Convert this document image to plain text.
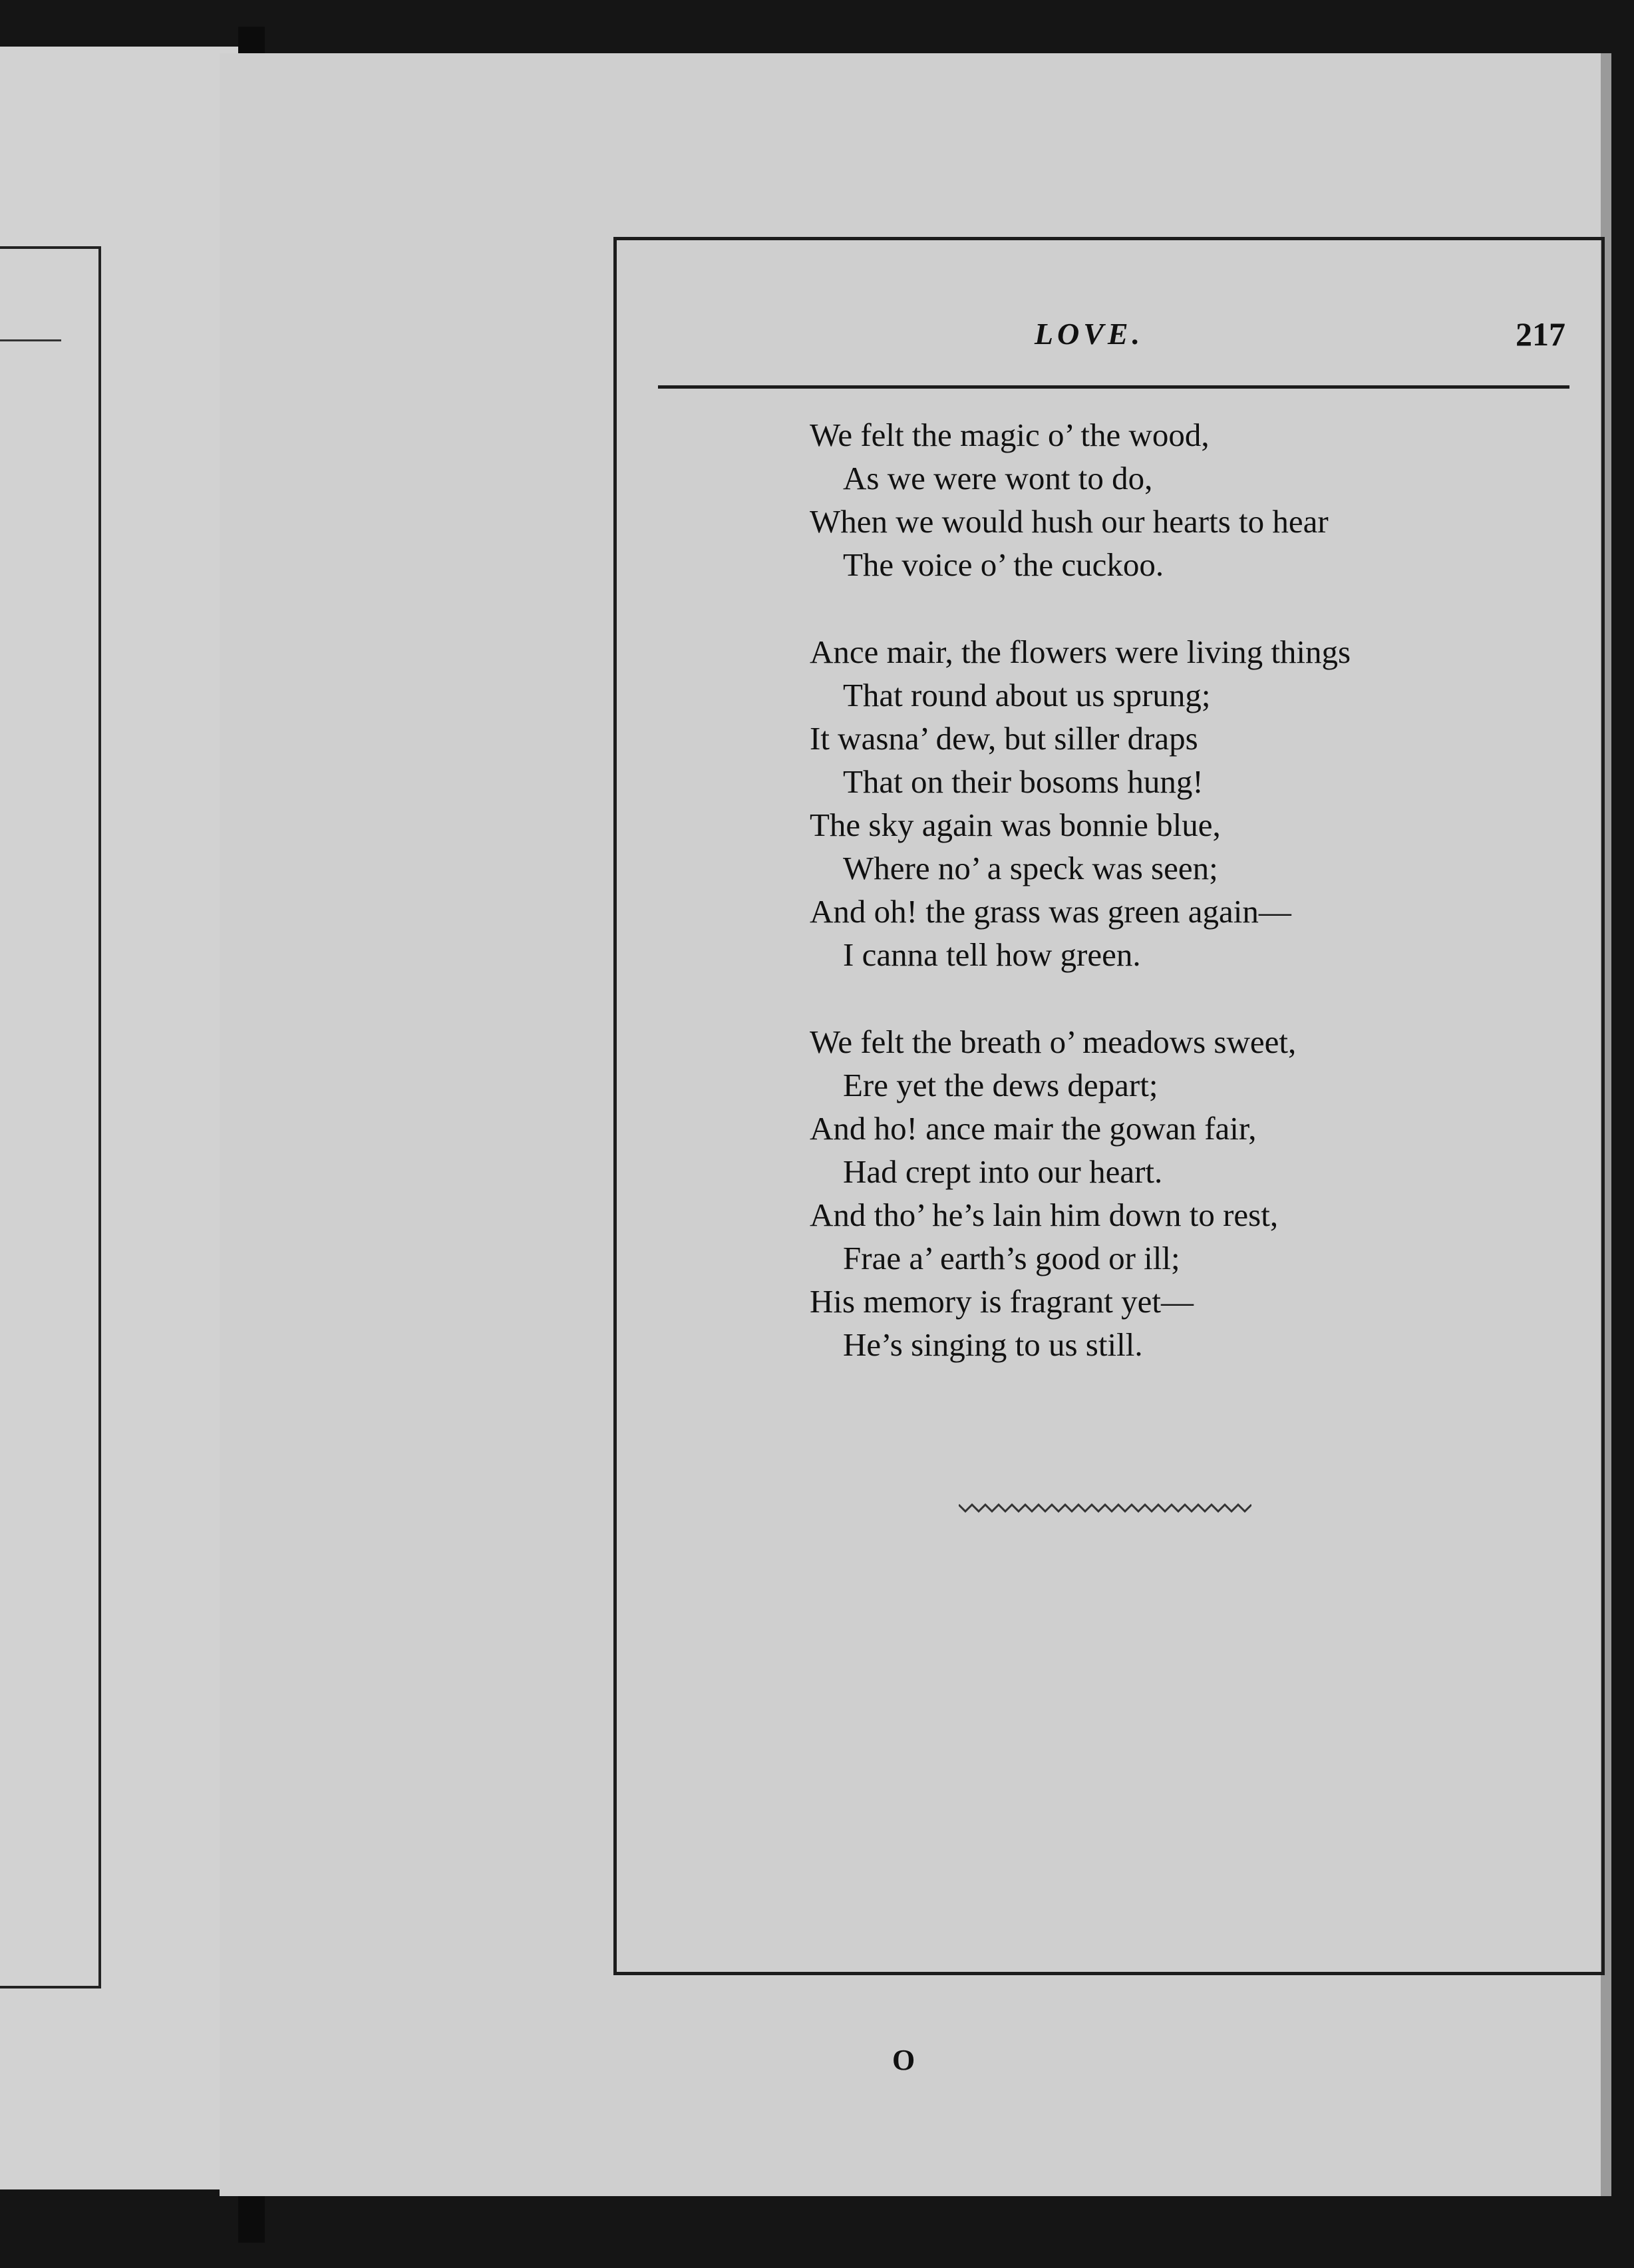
LOVE.	217
We felt the magic o’ the wood,
As we were wont to do,
When we would hush our hearts to hear
The voice o’ the cuckoo.
Ance mair, the flowers were living things
That round about us sprung;
It wasna’ dew, but siller draps
That on their bosoms hung!
The sky again was bonnie blue,
Where no’ a speck was seen;
And oh! the grass was green again—
I canna tell how green.
We felt the breath o’ meadows sweet,
Ere yet the dews depart;
And ho! ance mair the gowan fair,
Had crept into our heart.
And tho’ he’s lain him down to rest,
Frae a’ earth’s good or ill;
His memory is fragrant yet—
He’s singing to us still.
O
